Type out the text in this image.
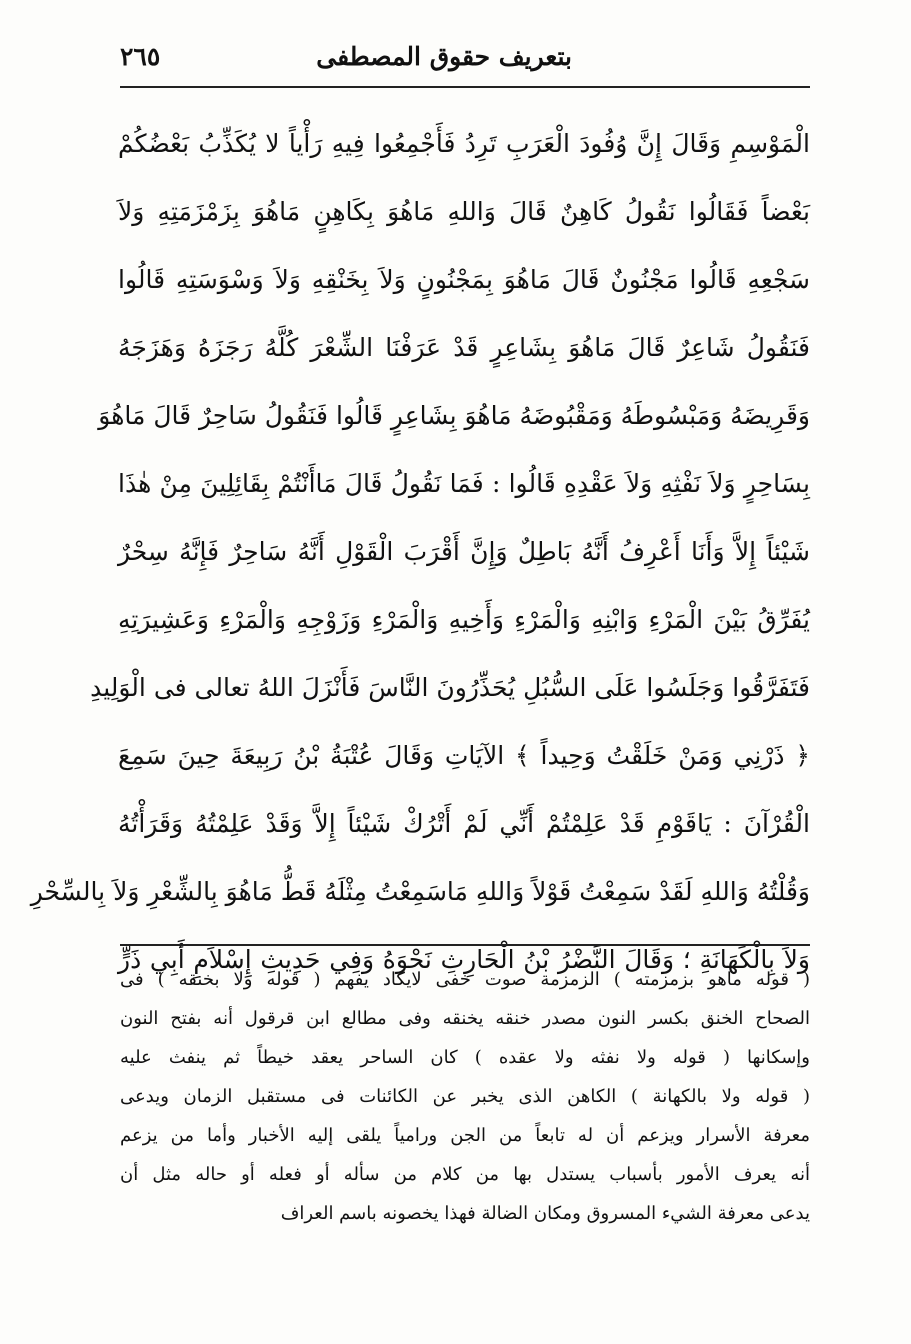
بتعريف حقوق المصطفى
٢٦٥
الْمَوْسِمِ وَقَالَ إِنَّ وُفُودَ الْعَرَبِ تَرِدُ فَأَجْمِعُوا فِيهِ رَأْياً لا يُكَذِّبُ بَعْضُكُمْ
بَعْضاً فَقَالُوا نَقُولُ كَاهِنٌ قَالَ وَاللهِ مَاهُوَ بِكَاهِنٍ مَاهُوَ بِزَمْزَمَتِهِ وَلاَ
سَجْعِهِ قَالُوا مَجْنُونٌ قَالَ مَاهُوَ بِمَجْنُونٍ وَلاَ بِخَنْقِهِ وَلاَ وَسْوَسَتِهِ قَالُوا
فَنَقُولُ شَاعِرٌ قَالَ مَاهُوَ بِشَاعِرٍ قَدْ عَرَفْنَا الشِّعْرَ كُلَّهُ رَجَزَهُ وَهَزَجَهُ
وَقَرِيضَهُ وَمَبْسُوطَهُ وَمَقْبُوضَهُ مَاهُوَ بِشَاعِرٍ قَالُوا فَنَقُولُ سَاحِرٌ قَالَ مَاهُوَ
بِسَاحِرٍ وَلاَ نَفْثِهِ وَلاَ عَقْدِهِ قَالُوا : فَمَا نَقُولُ قَالَ مَاأَنْتُمْ بِقَائِلِينَ مِنْ هٰذَا
شَيْئاً إِلاَّ وَأَنَا أَعْرِفُ أَنَّهُ بَاطِلٌ وَإِنَّ أَقْرَبَ الْقَوْلِ أَنَّهُ سَاحِرٌ فَإِنَّهُ سِحْرٌ
يُفَرِّقُ بَيْنَ الْمَرْءِ وَابْنِهِ وَالْمَرْءِ وَأَخِيهِ وَالْمَرْءِ وَزَوْجِهِ وَالْمَرْءِ وَعَشِيرَتِهِ
فَتَفَرَّقُوا وَجَلَسُوا عَلَى السُّبُلِ يُحَذِّرُونَ النَّاسَ فَأَنْزَلَ اللهُ تعالى فى الْوَلِيدِ
﴿ ذَرْنِي وَمَنْ خَلَقْتُ وَحِيداً ﴾ الآيَاتِ وَقَالَ عُتْبَةُ بْنُ رَبِيعَةَ حِينَ سَمِعَ
الْقُرْآنَ : يَاقَوْمِ قَدْ عَلِمْتُمْ أَنِّي لَمْ أَتْرُكْ شَيْئاً إِلاَّ وَقَدْ عَلِمْتُهُ وَقَرَأْتُهُ
وَقُلْتُهُ وَاللهِ لَقَدْ سَمِعْتُ قَوْلاً وَاللهِ مَاسَمِعْتُ مِثْلَهُ قَطُّ مَاهُوَ بِالشِّعْرِ وَلاَ بِالسِّحْرِ
وَلاَ بِالْكَهَانَةِ ؛ وَقَالَ النَّضْرُ بْنُ الْحَارِثِ نَحْوَهُ وَفِي حَدِيثِ إِسْلاَمِ أَبِي ذَرٍّ
( قوله ماهو بزمزمته ) الزمزمة صوت خفى لايكاد يفهم ( قوله ولا بخنقه ) فى
الصحاح الخنق بكسر النون مصدر خنقه يخنقه وفى مطالع ابن قرقول أنه بفتح النون
وإسكانها ( قوله ولا نفثه ولا عقده ) كان الساحر يعقد خيطاً ثم ينفث عليه
( قوله ولا بالكهانة ) الكاهن الذى يخبر عن الكائنات فى مستقبل الزمان ويدعى
معرفة الأسرار ويزعم أن له تابعاً من الجن ورامياً يلقى إليه الأخبار وأما من يزعم
أنه يعرف الأمور بأسباب يستدل بها من كلام من سأله أو فعله أو حاله مثل أن
يدعى معرفة الشيء المسروق ومكان الضالة فهذا يخصونه باسم العراف
